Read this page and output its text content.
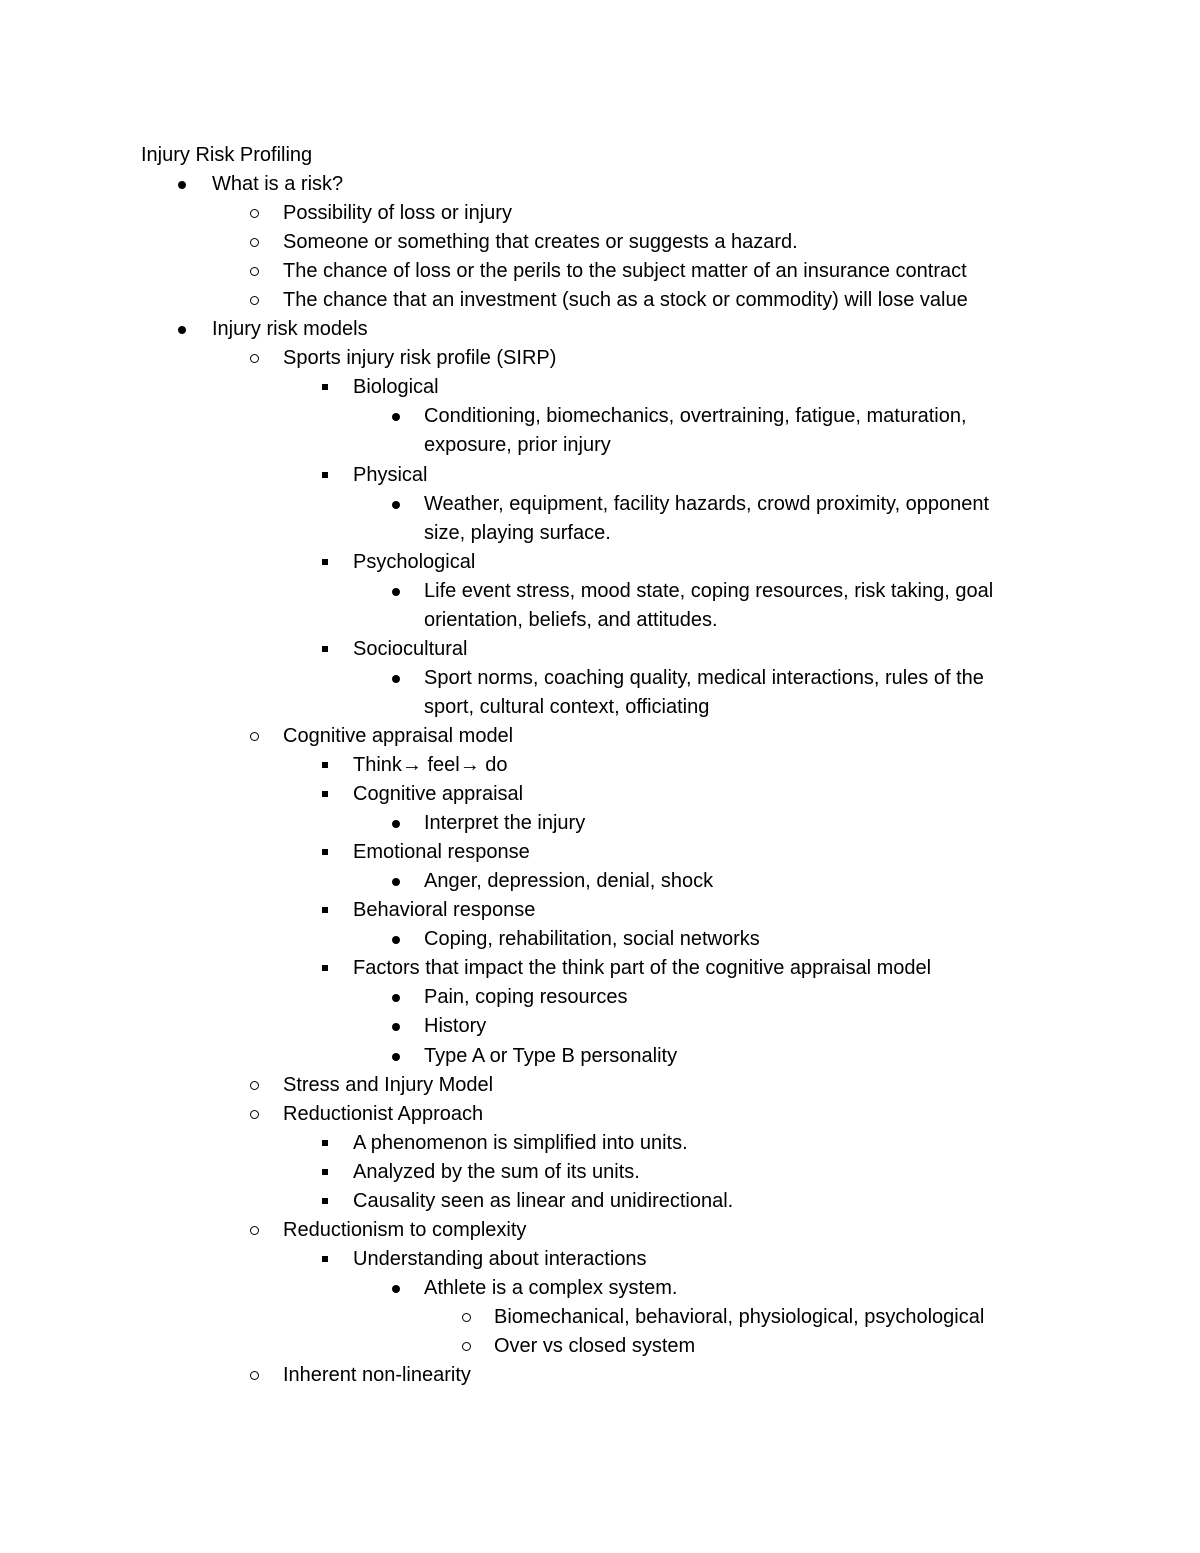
Injury Risk Profiling
What is a risk?
Possibility of loss or injury
Someone or something that creates or suggests a hazard.
The chance of loss or the perils to the subject matter of an insurance contract
The chance that an investment (such as a stock or commodity) will lose value
Injury risk models
Sports injury risk profile (SIRP)
Biological
Conditioning, biomechanics, overtraining, fatigue, maturation,
exposure, prior injury
Physical
Weather, equipment, facility hazards, crowd proximity, opponent
size, playing surface.
Psychological
Life event stress, mood state, coping resources, risk taking, goal
orientation, beliefs, and attitudes.
Sociocultural
Sport norms, coaching quality, medical interactions, rules of the
sport, cultural context, officiating
Cognitive appraisal model
Think→ feel→ do
Cognitive appraisal
Interpret the injury
Emotional response
Anger, depression, denial, shock
Behavioral response
Coping, rehabilitation, social networks
Factors that impact the think part of the cognitive appraisal model
Pain, coping resources
History
Type A or Type B personality
Stress and Injury Model
Reductionist Approach
A phenomenon is simplified into units.
Analyzed by the sum of its units.
Causality seen as linear and unidirectional.
Reductionism to complexity
Understanding about interactions
Athlete is a complex system.
Biomechanical, behavioral, physiological, psychological
Over vs closed system
Inherent non-linearity
